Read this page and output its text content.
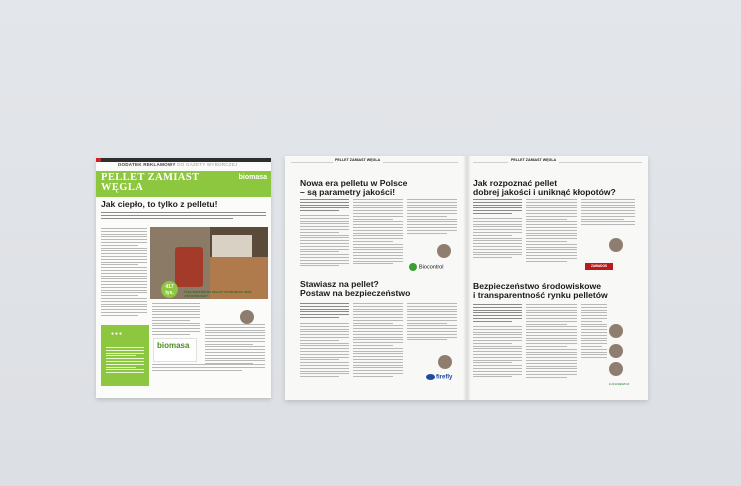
DODATEK REKLAMOWY DO GAZETY WYBORCZEJ
PELLET ZAMIAST
WĘGLA
biomasa
Jak ciepło, to tylko z pelletu!
417
tys.	TYLE KOTŁÓW NA PELLET UŻYWANYCH JEST
JUŻ W POLSCE*
●●●
biomasa
PELLET ZAMIAST WĘGLA	PELLET ZAMIAST WĘGLA
Nowa era pelletu w Polsce
– są parametry jakości!
Biocontrol
Stawiasz na pellet?
Postaw na bezpieczeństwo
firefly
Jak rozpoznać pellet
dobrej jakości i uniknąć kłopotów?
ZAWADOS
Bezpieczeństwo środowiskowe
i transparentność rynku pelletów
ŁUKASIEWICZ
